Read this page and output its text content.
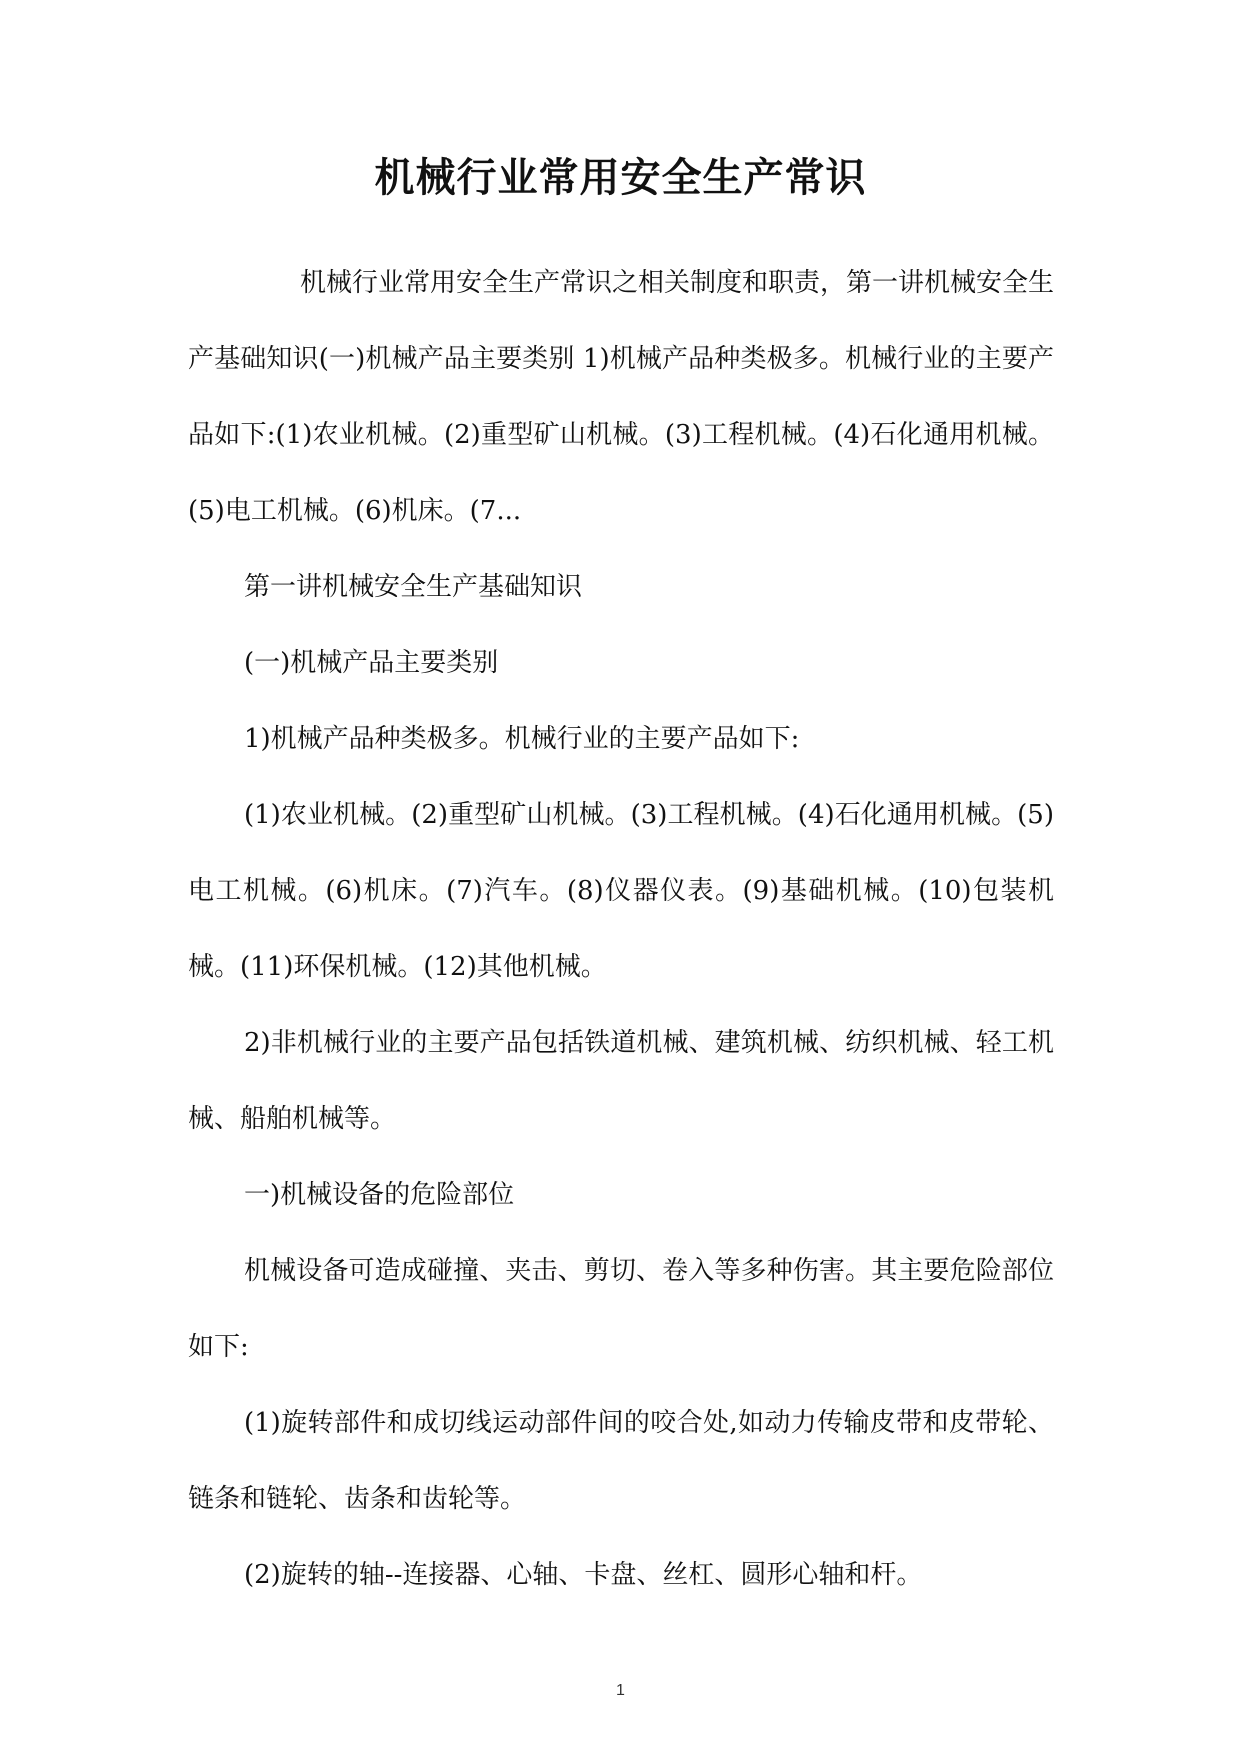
机械行业常用安全生产常识

机械行业常用安全生产常识之相关制度和职责，第一讲机械安全生产基础知识(一)机械产品主要类别 1)机械产品种类极多。机械行业的主要产品如下:(1)农业机械。(2)重型矿山机械。(3)工程机械。(4)石化通用机械。(5)电工机械。(6)机床。(7...

第一讲机械安全生产基础知识

(一)机械产品主要类别

1)机械产品种类极多。机械行业的主要产品如下:

(1)农业机械。(2)重型矿山机械。(3)工程机械。(4)石化通用机械。(5)电工机械。(6)机床。(7)汽车。(8)仪器仪表。(9)基础机械。(10)包装机械。(11)环保机械。(12)其他机械。

2)非机械行业的主要产品包括铁道机械、建筑机械、纺织机械、轻工机械、船舶机械等。

一)机械设备的危险部位

机械设备可造成碰撞、夹击、剪切、卷入等多种伤害。其主要危险部位如下:

(1)旋转部件和成切线运动部件间的咬合处,如动力传输皮带和皮带轮、链条和链轮、齿条和齿轮等。

(2)旋转的轴--连接器、心轴、卡盘、丝杠、圆形心轴和杆。

1
